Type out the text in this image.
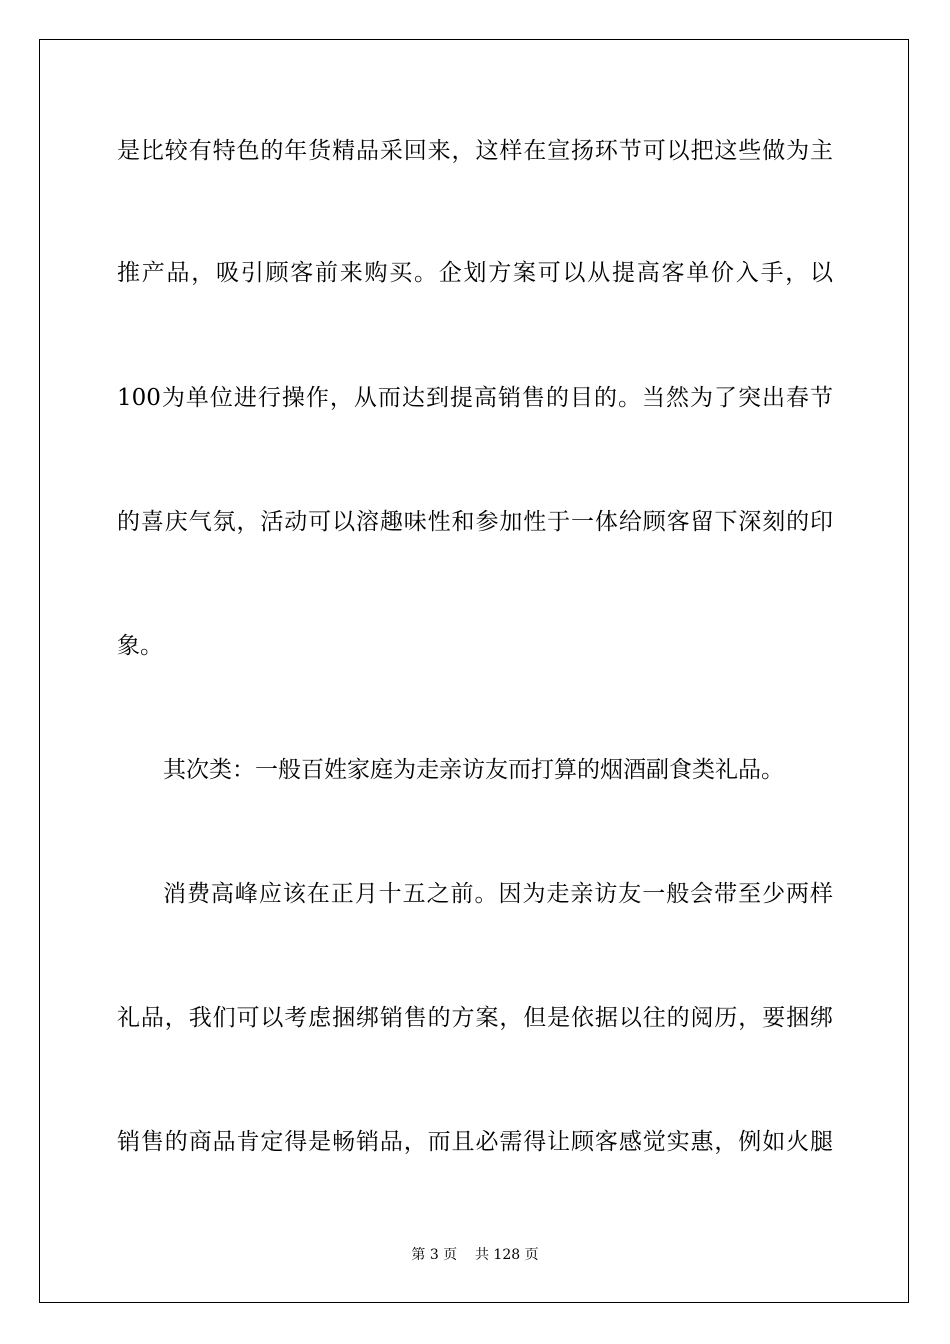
是比较有特色的年货精品采回来，这样在宣扬环节可以把这些做为主
推产品，吸引顾客前来购买。企划方案可以从提高客单价入手，以
100为单位进行操作，从而达到提高销售的目的。当然为了突出春节
的喜庆气氛，活动可以溶趣味性和参加性于一体给顾客留下深刻的印
象。
其次类：一般百姓家庭为走亲访友而打算的烟酒副食类礼品。
消费高峰应该在正月十五之前。因为走亲访友一般会带至少两样
礼品，我们可以考虑捆绑销售的方案，但是依据以往的阅历，要捆绑
销售的商品肯定得是畅销品，而且必需得让顾客感觉实惠，例如火腿
第 3 页    共 128 页
